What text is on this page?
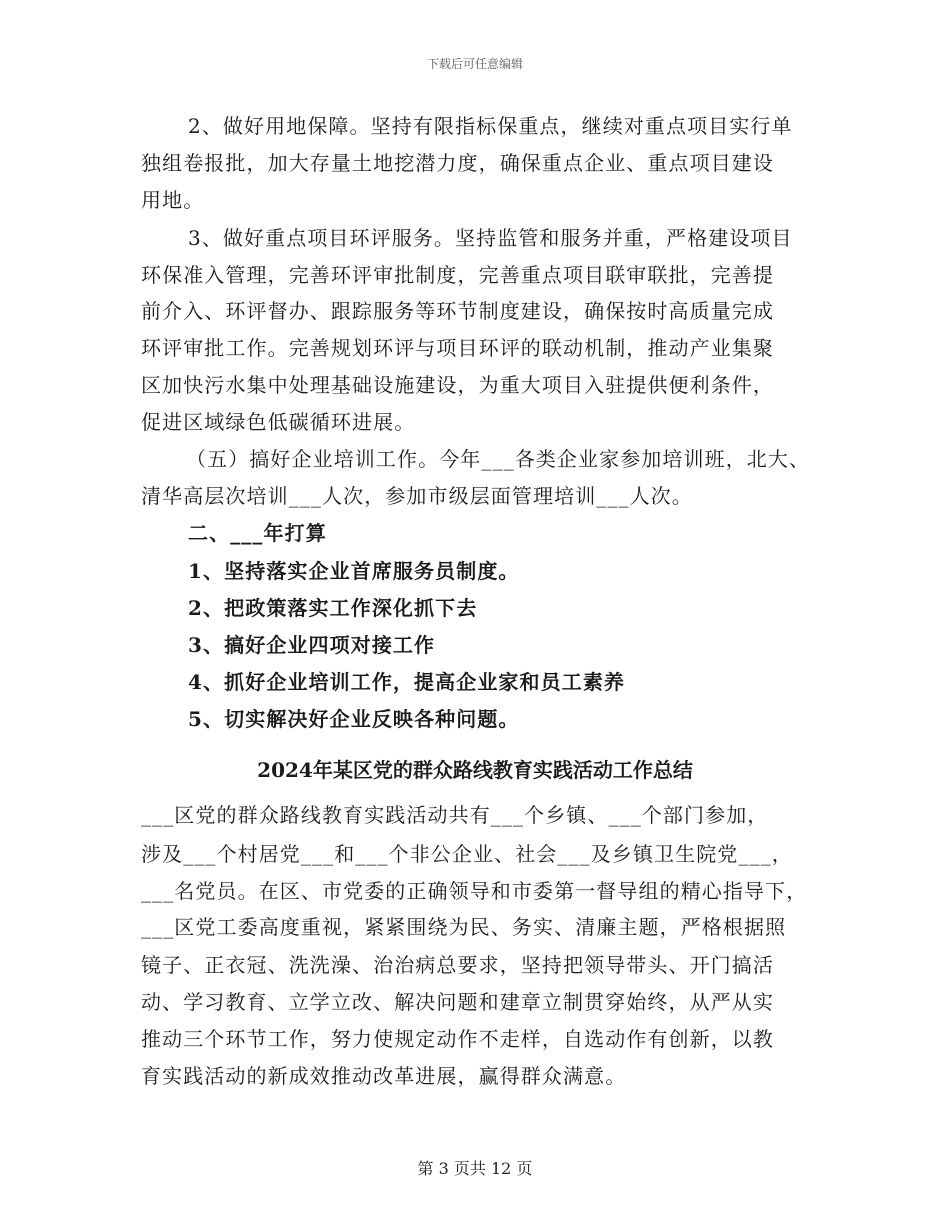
下载后可任意编辑
2、做好用地保障。坚持有限指标保重点，继续对重点项目实行单
独组卷报批，加大存量土地挖潜力度，确保重点企业、重点项目建设
用地。
3、做好重点项目环评服务。坚持监管和服务并重，严格建设项目
环保准入管理，完善环评审批制度，完善重点项目联审联批，完善提
前介入、环评督办、跟踪服务等环节制度建设，确保按时高质量完成
环评审批工作。完善规划环评与项目环评的联动机制，推动产业集聚
区加快污水集中处理基础设施建设，为重大项目入驻提供便利条件，
促进区域绿色低碳循环进展。
（五）搞好企业培训工作。今年___各类企业家参加培训班，北大、
清华高层次培训___人次，参加市级层面管理培训___人次。
二、___年打算
1、坚持落实企业首席服务员制度。
2、把政策落实工作深化抓下去
3、搞好企业四项对接工作
4、抓好企业培训工作，提高企业家和员工素养
5、切实解决好企业反映各种问题。
2024年某区党的群众路线教育实践活动工作总结
___区党的群众路线教育实践活动共有___个乡镇、___个部门参加，
涉及___个村居党___和___个非公企业、社会___及乡镇卫生院党___，
___名党员。在区、市党委的正确领导和市委第一督导组的精心指导下，
___区党工委高度重视，紧紧围绕为民、务实、清廉主题，严格根据照
镜子、正衣冠、洗洗澡、治治病总要求，坚持把领导带头、开门搞活
动、学习教育、立学立改、解决问题和建章立制贯穿始终，从严从实
推动三个环节工作，努力使规定动作不走样，自选动作有创新，以教
育实践活动的新成效推动改革进展，赢得群众满意。
第 3 页共 12 页
